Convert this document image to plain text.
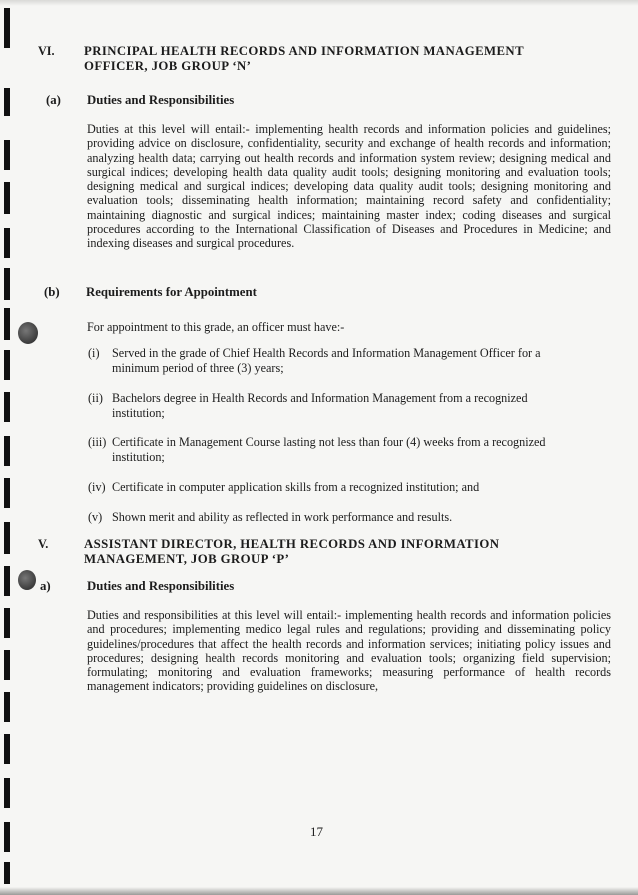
VI. PRINCIPAL HEALTH RECORDS AND INFORMATION MANAGEMENT OFFICER, JOB GROUP ‘N’
(a) Duties and Responsibilities
Duties at this level will entail:- implementing health records and information policies and guidelines; providing advice on disclosure, confidentiality, security and exchange of health records and information; analyzing health data; carrying out health records and information system review; designing medical and surgical indices; developing health data quality audit tools; designing monitoring and evaluation tools; designing medical and surgical indices; developing data quality audit tools; designing monitoring and evaluation tools; disseminating health information; maintaining record safety and confidentiality; maintaining diagnostic and surgical indices; maintaining master index; coding diseases and surgical procedures according to the International Classification of Diseases and Procedures in Medicine; and indexing diseases and surgical procedures.
(b) Requirements for Appointment
For appointment to this grade, an officer must have:-
(i) Served in the grade of Chief Health Records and Information Management Officer for a minimum period of three (3) years;
(ii) Bachelors degree in Health Records and Information Management from a recognized institution;
(iii) Certificate in Management Course lasting not less than four (4) weeks from a recognized institution;
(iv) Certificate in computer application skills from a recognized institution; and
(v) Shown merit and ability as reflected in work performance and results.
V.	ASSISTANT DIRECTOR, HEALTH RECORDS AND INFORMATION MANAGEMENT, JOB GROUP ‘P’
a)	Duties and Responsibilities
Duties and responsibilities at this level will entail:- implementing health records and information policies and procedures; implementing medico legal rules and regulations; providing and disseminating policy guidelines/procedures that affect the health records and information services; initiating policy issues and procedures; designing health records monitoring and evaluation tools; organizing field supervision; formulating; monitoring and evaluation frameworks; measuring performance of health records management indicators; providing guidelines on disclosure,
17
